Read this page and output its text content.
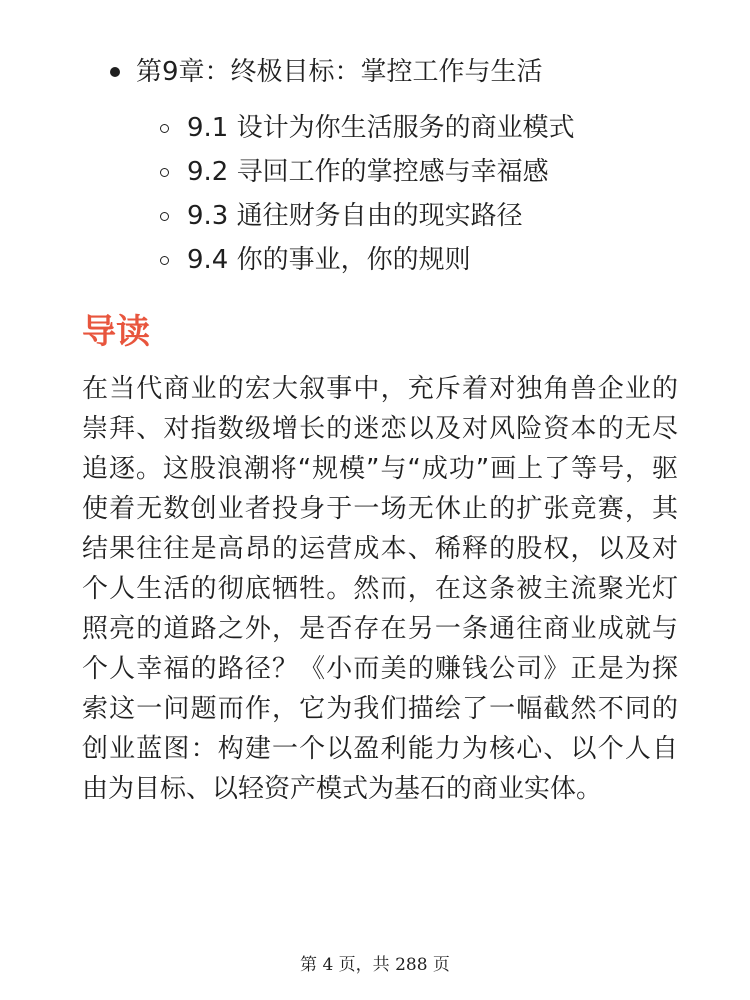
第9章：终极目标：掌控工作与生活
9.1 设计为你生活服务的商业模式
9.2 寻回工作的掌控感与幸福感
9.3 通往财务自由的现实路径
9.4 你的事业，你的规则
导读

在当代商业的宏大叙事中，充斥着对独角兽企业的崇拜、对指数级增长的迷恋以及对风险资本的无尽追逐。这股浪潮将“规模”与“成功”画上了等号，驱使着无数创业者投身于一场无休止的扩张竞赛，其结果往往是高昂的运营成本、稀释的股权，以及对个人生活的彻底牺牲。然而，在这条被主流聚光灯照亮的道路之外，是否存在另一条通往商业成就与个人幸福的路径？《小而美的赚钱公司》正是为探索这一问题而作，它为我们描绘了一幅截然不同的创业蓝图：构建一个以盈利能力为核心、以个人自由为目标、以轻资产模式为基石的商业实体。

第 4 页，共 288 页
